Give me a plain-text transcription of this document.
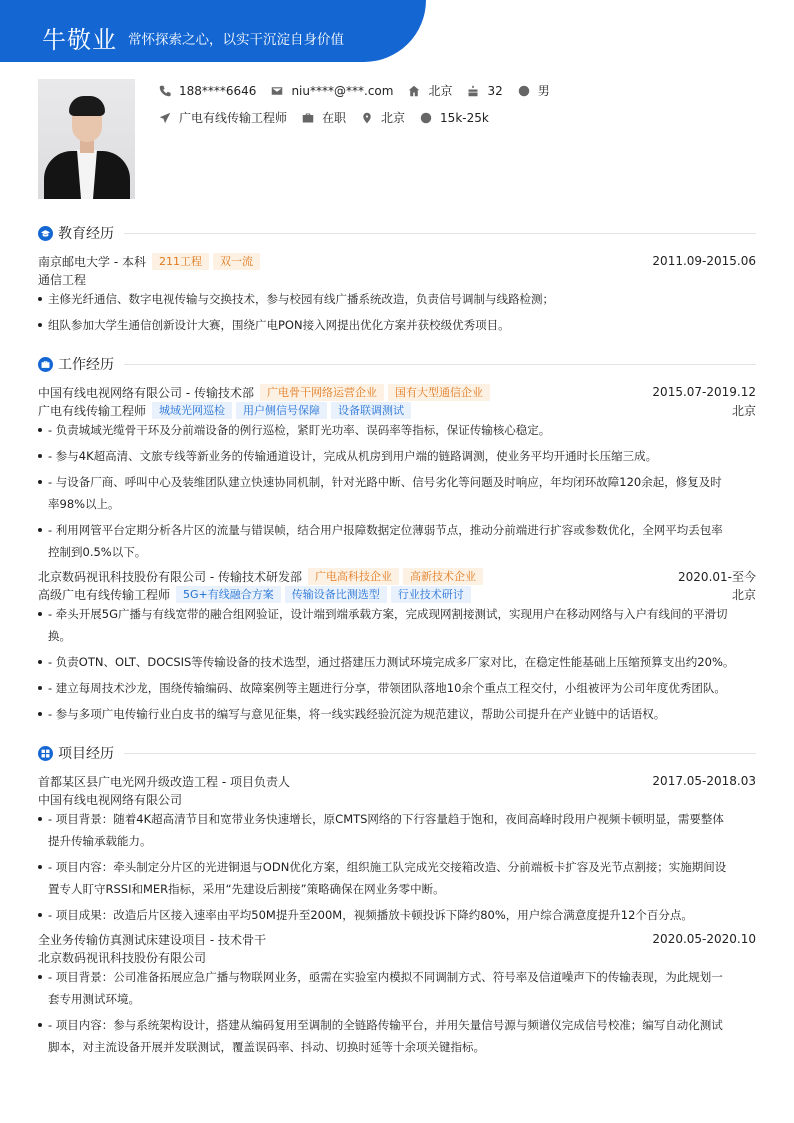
牛敬业 常怀探索之心，以实干沉淀自身价值
188****6646	niu****@***.com	北京	32	男
广电有线传输工程师	在职	北京	15k-25k
教育经历
南京邮电大学 - 本科	211工程	双一流	2011.09-2015.06
通信工程
主修光纤通信、数字电视传输与交换技术，参与校园有线广播系统改造，负责信号调制与线路检测；
组队参加大学生通信创新设计大赛，围绕广电PON接入网提出优化方案并获校级优秀项目。
工作经历
中国有线电视网络有限公司 - 传输技术部	广电骨干网络运营企业	国有大型通信企业	2015.07-2019.12
广电有线传输工程师	城域光网巡检	用户侧信号保障	设备联调测试	北京
- 负责城域光缆骨干环及分前端设备的例行巡检，紧盯光功率、误码率等指标，保证传输核心稳定。
- 参与4K超高清、文旅专线等新业务的传输通道设计，完成从机房到用户端的链路调测，使业务平均开通时长压缩三成。
- 与设备厂商、呼叫中心及装维团队建立快速协同机制，针对光路中断、信号劣化等问题及时响应，年均闭环故障120余起，修复及时
率98%以上。
- 利用网管平台定期分析各片区的流量与错误帧，结合用户报障数据定位薄弱节点，推动分前端进行扩容或参数优化，全网平均丢包率
控制到0.5%以下。
北京数码视讯科技股份有限公司 - 传输技术研发部	广电高科技企业	高新技术企业	2020.01-至今
高级广电有线传输工程师	5G+有线融合方案	传输设备比测选型	行业技术研讨	北京
- 牵头开展5G广播与有线宽带的融合组网验证，设计端到端承载方案，完成现网割接测试，实现用户在移动网络与入户有线间的平滑切
换。
- 负责OTN、OLT、DOCSIS等传输设备的技术选型，通过搭建压力测试环境完成多厂家对比，在稳定性能基础上压缩预算支出约20%。
- 建立每周技术沙龙，围绕传输编码、故障案例等主题进行分享，带领团队落地10余个重点工程交付，小组被评为公司年度优秀团队。
- 参与多项广电传输行业白皮书的编写与意见征集，将一线实践经验沉淀为规范建议，帮助公司提升在产业链中的话语权。
项目经历
首都某区县广电光网升级改造工程 - 项目负责人	2017.05-2018.03
中国有线电视网络有限公司
- 项目背景：随着4K超高清节目和宽带业务快速增长，原CMTS网络的下行容量趋于饱和，夜间高峰时段用户视频卡顿明显，需要整体
提升传输承载能力。
- 项目内容：牵头制定分片区的光进铜退与ODN优化方案，组织施工队完成光交接箱改造、分前端板卡扩容及光节点割接；实施期间设
置专人盯守RSSI和MER指标，采用“先建设后割接”策略确保在网业务零中断。
- 项目成果：改造后片区接入速率由平均50M提升至200M，视频播放卡顿投诉下降约80%，用户综合满意度提升12个百分点。
全业务传输仿真测试床建设项目 - 技术骨干	2020.05-2020.10
北京数码视讯科技股份有限公司
- 项目背景：公司准备拓展应急广播与物联网业务，亟需在实验室内模拟不同调制方式、符号率及信道噪声下的传输表现，为此规划一
套专用测试环境。
- 项目内容：参与系统架构设计，搭建从编码复用至调制的全链路传输平台，并用矢量信号源与频谱仪完成信号校准；编写自动化测试
脚本，对主流设备开展并发联测试，覆盖误码率、抖动、切换时延等十余项关键指标。
